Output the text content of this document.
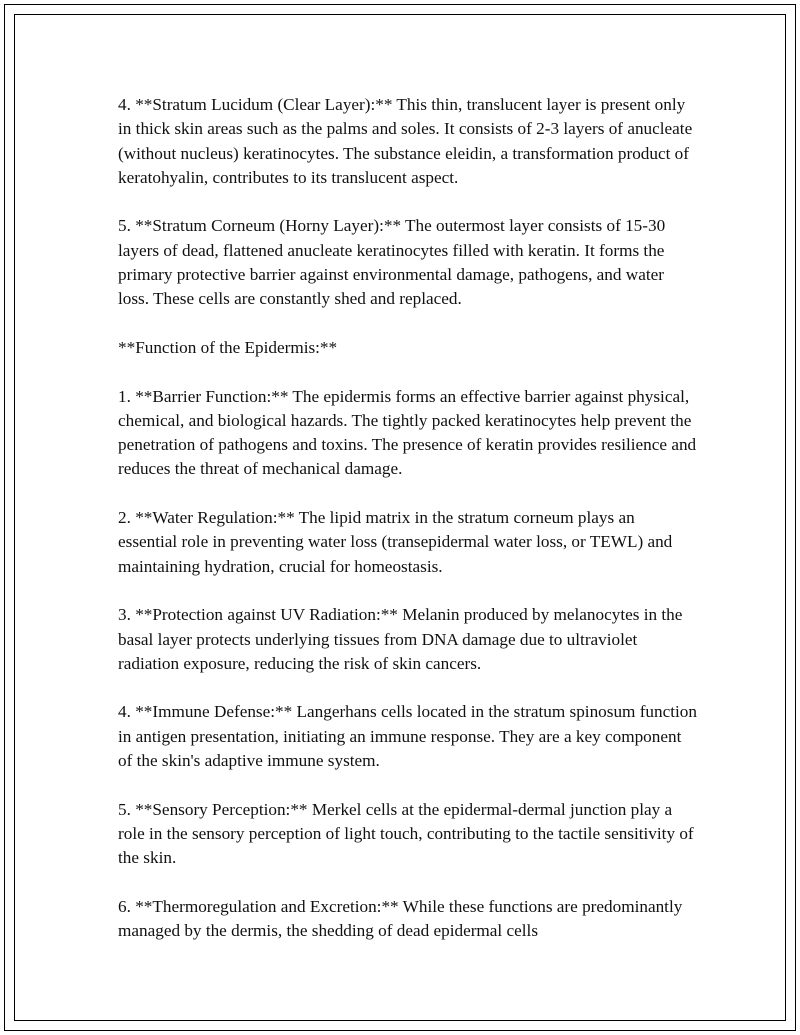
4. **Stratum Lucidum (Clear Layer):** This thin, translucent layer is present only in thick skin areas such as the palms and soles. It consists of 2-3 layers of anucleate (without nucleus) keratinocytes. The substance eleidin, a transformation product of keratohyalin, contributes to its translucent aspect.

5. **Stratum Corneum (Horny Layer):** The outermost layer consists of 15-30 layers of dead, flattened anucleate keratinocytes filled with keratin. It forms the primary protective barrier against environmental damage, pathogens, and water loss. These cells are constantly shed and replaced.

**Function of the Epidermis:**

1. **Barrier Function:** The epidermis forms an effective barrier against physical, chemical, and biological hazards. The tightly packed keratinocytes help prevent the penetration of pathogens and toxins. The presence of keratin provides resilience and reduces the threat of mechanical damage.

2. **Water Regulation:** The lipid matrix in the stratum corneum plays an essential role in preventing water loss (transepidermal water loss, or TEWL) and maintaining hydration, crucial for homeostasis.

3. **Protection against UV Radiation:** Melanin produced by melanocytes in the basal layer protects underlying tissues from DNA damage due to ultraviolet radiation exposure, reducing the risk of skin cancers.

4. **Immune Defense:** Langerhans cells located in the stratum spinosum function in antigen presentation, initiating an immune response. They are a key component of the skin's adaptive immune system.

5. **Sensory Perception:** Merkel cells at the epidermal-dermal junction play a role in the sensory perception of light touch, contributing to the tactile sensitivity of the skin.

6. **Thermoregulation and Excretion:** While these functions are predominantly managed by the dermis, the shedding of dead epidermal cells
